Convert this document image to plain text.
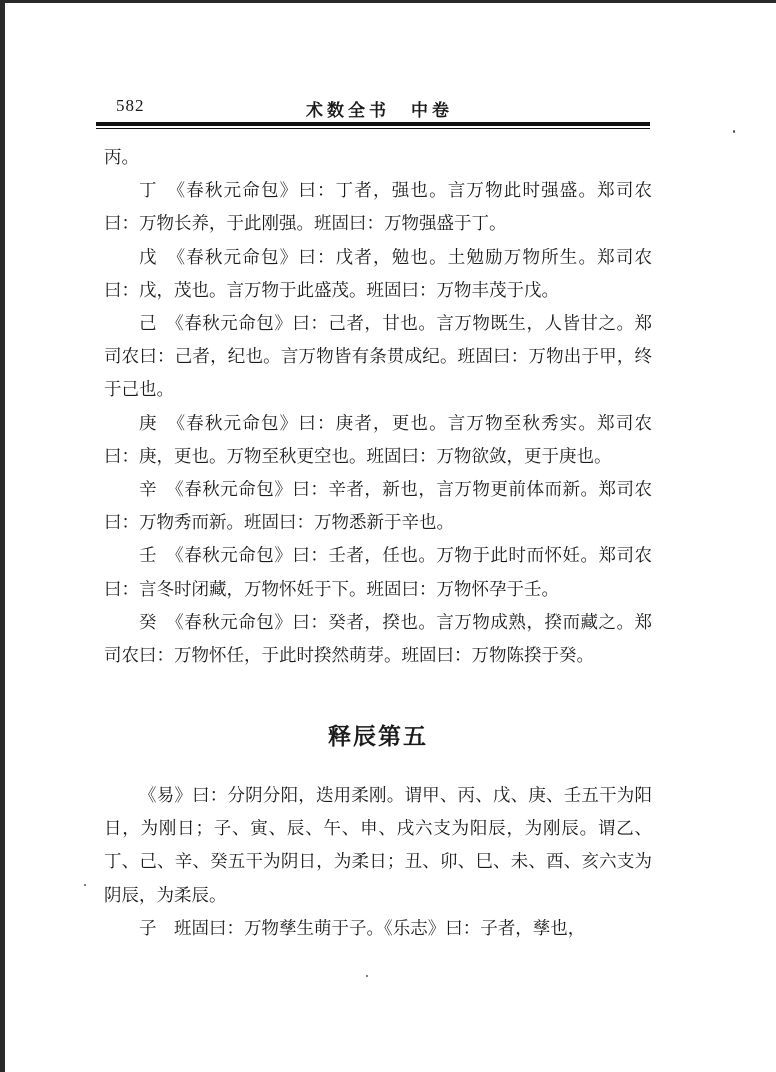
582	术数全书　中卷

丙。

丁　《春秋元命包》曰：丁者，强也。言万物此时强盛。郑司农曰：万物长养，于此刚强。班固曰：万物强盛于丁。

戊　《春秋元命包》曰：戊者，勉也。土勉励万物所生。郑司农曰：戊，茂也。言万物于此盛茂。班固曰：万物丰茂于戊。

己　《春秋元命包》曰：己者，甘也。言万物既生，人皆甘之。郑司农曰：己者，纪也。言万物皆有条贯成纪。班固曰：万物出于甲，终于己也。

庚　《春秋元命包》曰：庚者，更也。言万物至秋秀实。郑司农曰：庚，更也。万物至秋更空也。班固曰：万物欲敛，更于庚也。

辛　《春秋元命包》曰：辛者，新也，言万物更前体而新。郑司农曰：万物秀而新。班固曰：万物悉新于辛也。

壬　《春秋元命包》曰：壬者，任也。万物于此时而怀妊。郑司农曰：言冬时闭藏，万物怀妊于下。班固曰：万物怀孕于壬。

癸　《春秋元命包》曰：癸者，揆也。言万物成熟，揆而藏之。郑司农曰：万物怀任，于此时揆然萌芽。班固曰：万物陈揆于癸。

释辰第五

《易》曰：分阴分阳，迭用柔刚。谓甲、丙、戊、庚、壬五干为阳日，为刚日；子、寅、辰、午、申、戌六支为阳辰，为刚辰。谓乙、丁、己、辛、癸五干为阴日，为柔日；丑、卯、巳、未、酉、亥六支为阴辰，为柔辰。

子　班固曰：万物孳生萌于子。《乐志》曰：子者，孳也，
